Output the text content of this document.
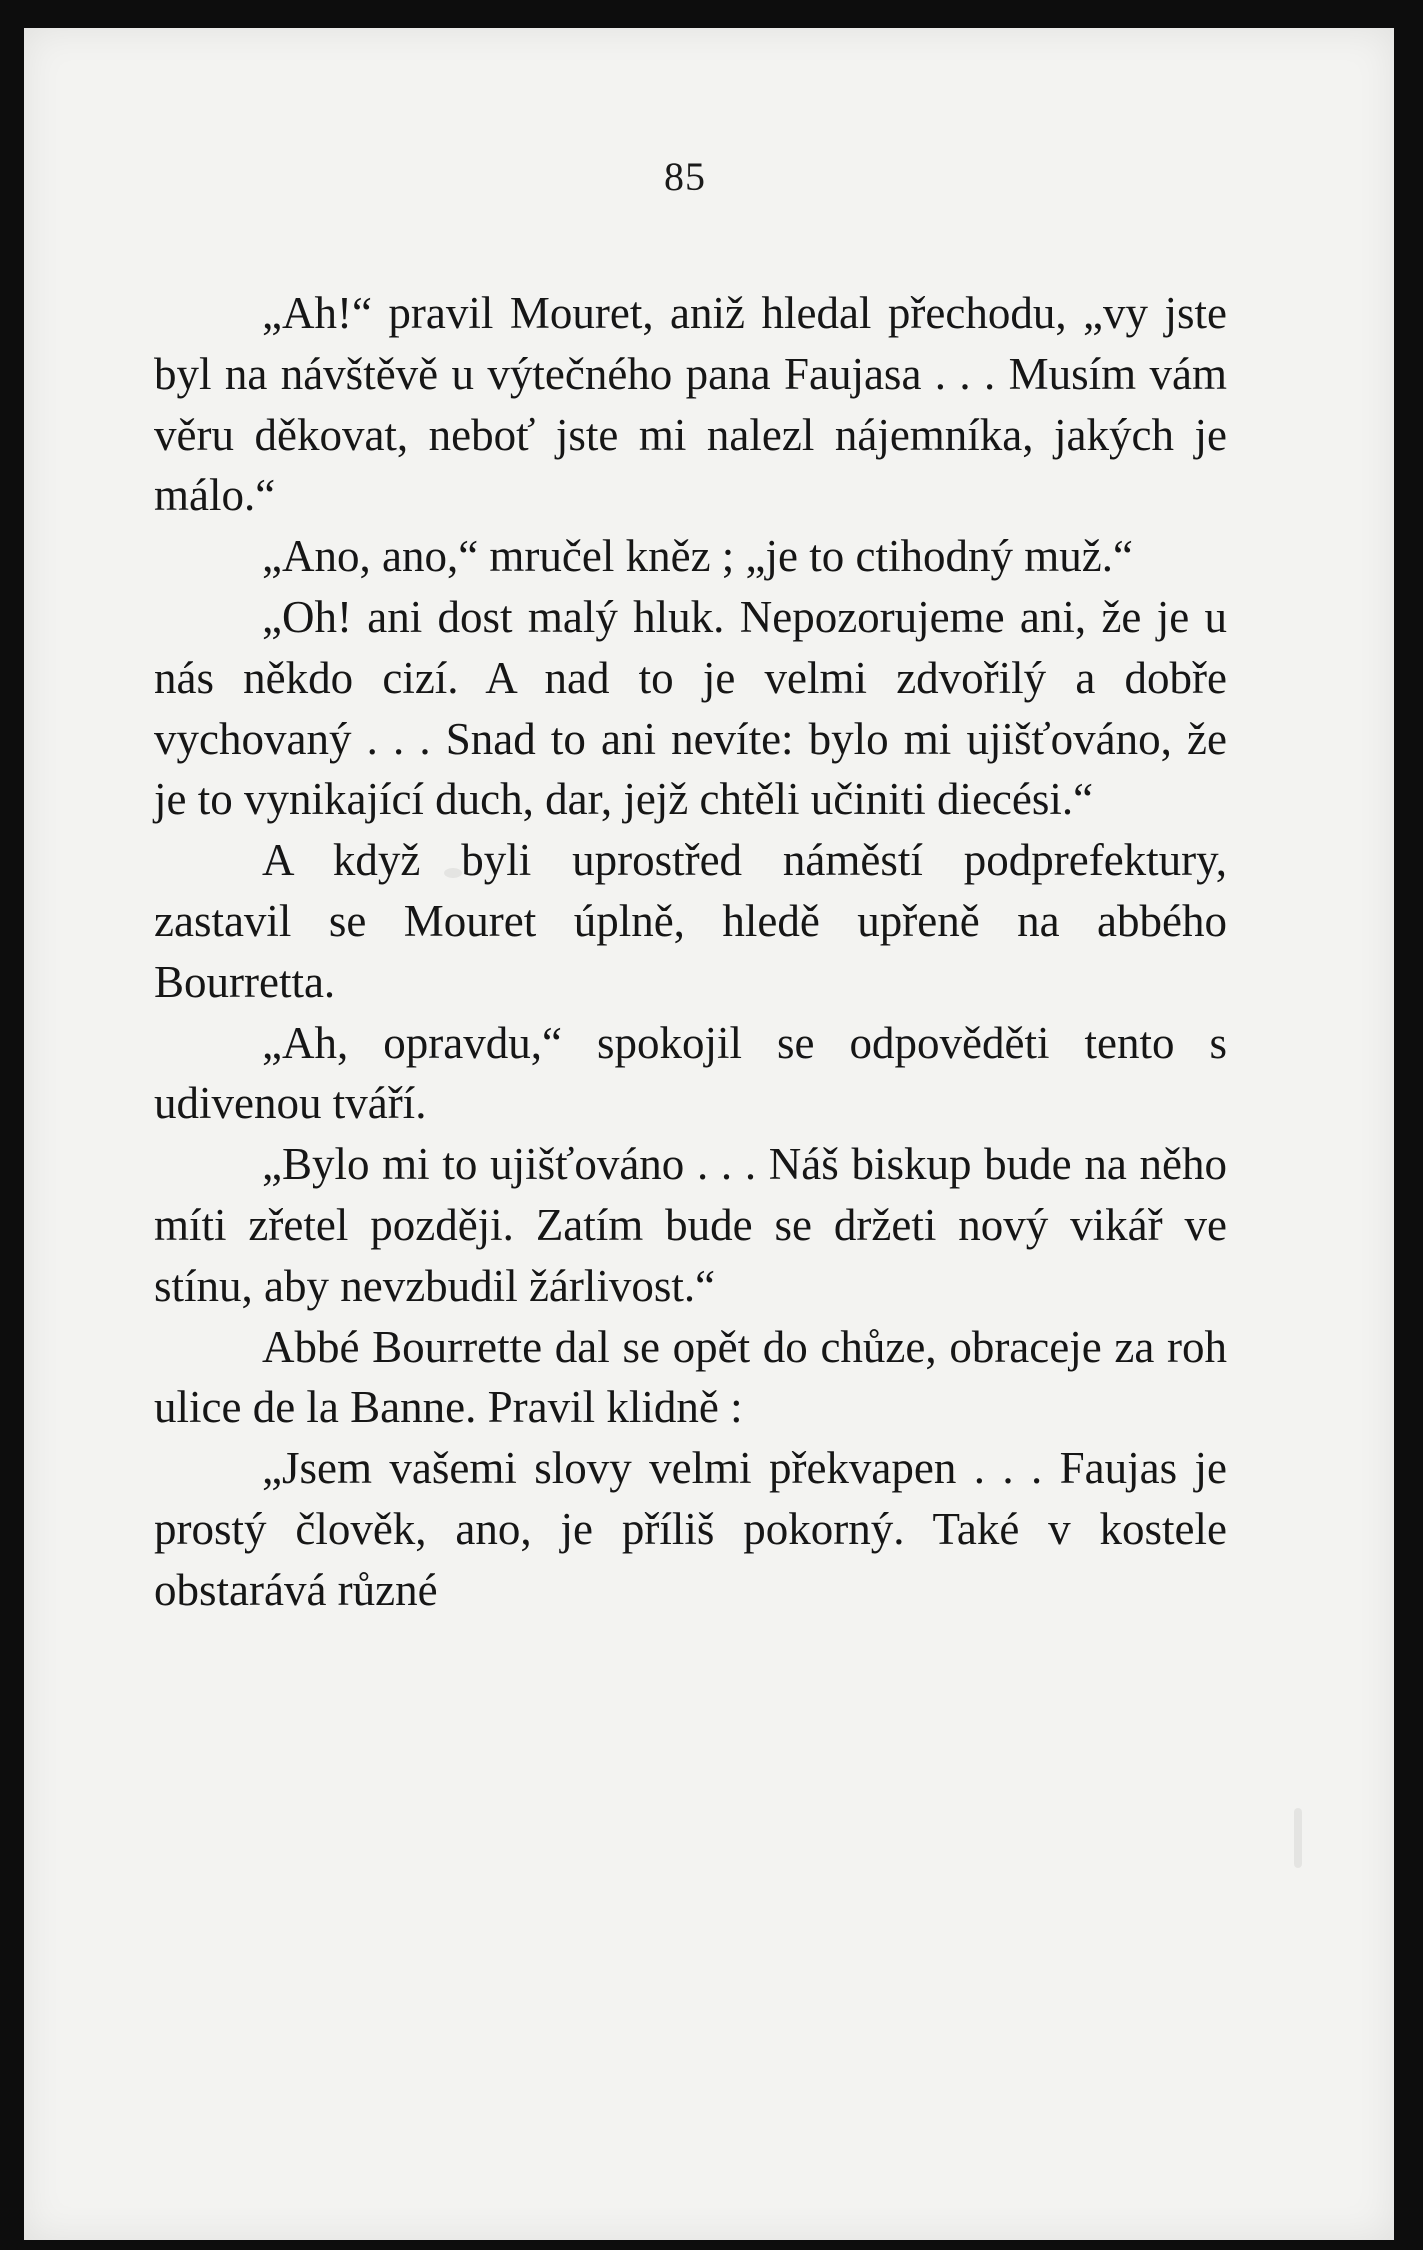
85

„Ah!“ pravil Mouret, aniž hledal přechodu, „vy jste byl na návštěvě u výtečného pana Faujasa . . . Musím vám věru děkovat, neboť jste mi nalezl nájemníka, jakých je málo.“

„Ano, ano,“ mručel kněz ; „je to ctihodný muž.“

„Oh! ani dost malý hluk. Nepozorujeme ani, že je u nás někdo cizí. A nad to je velmi zdvořilý a dobře vychovaný . . . Snad to ani nevíte: bylo mi ujišťováno, že je to vynikající duch, dar, jejž chtěli učiniti diecési.“

A když byli uprostřed náměstí podprefektury, zastavil se Mouret úplně, hledě upřeně na abbého Bourretta.

„Ah, opravdu,“ spokojil se odpověděti tento s udivenou tváří.

„Bylo mi to ujišťováno . . . Náš biskup bude na něho míti zřetel později. Zatím bude se držeti nový vikář ve stínu, aby nevzbudil žárlivost.“

Abbé Bourrette dal se opět do chůze, obraceje za roh ulice de la Banne. Pravil klidně :

„Jsem vašemi slovy velmi překvapen . . . Faujas je prostý člověk, ano, je příliš pokorný. Také v kostele obstarává různé
